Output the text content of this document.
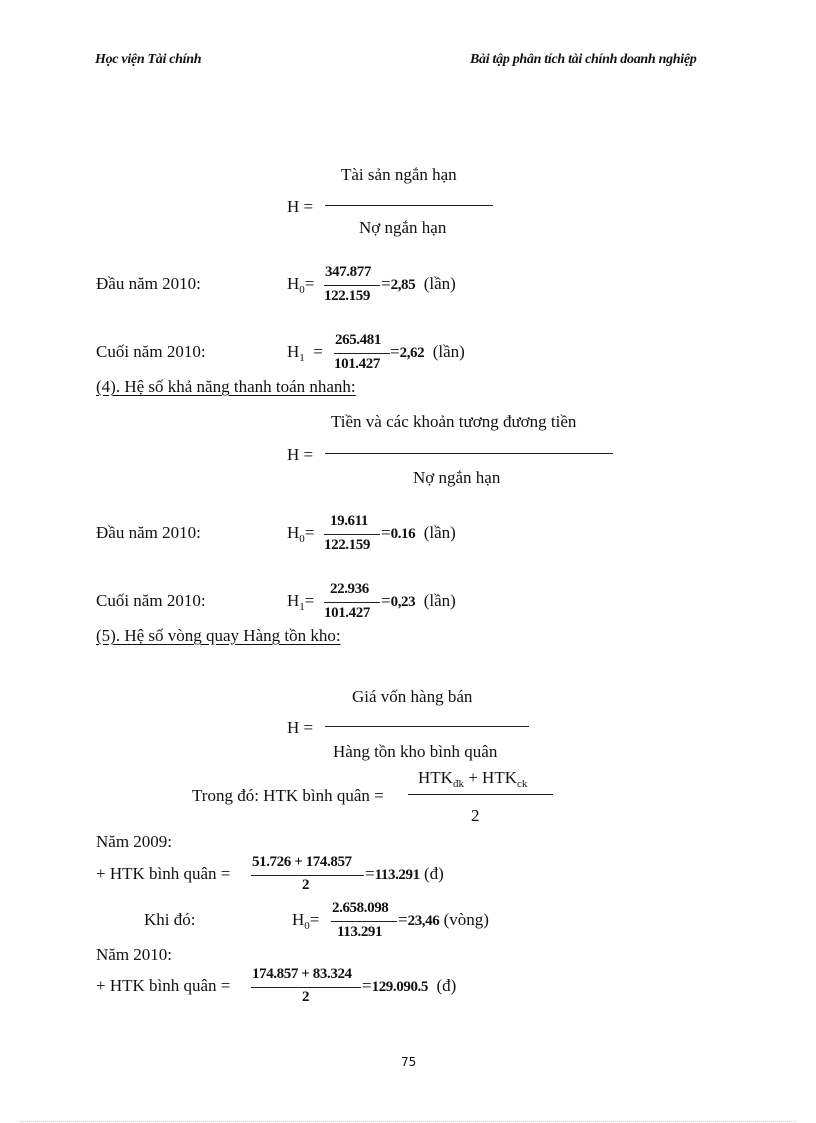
Học viện Tài chính	Bài tập phân tích tài chính doanh nghiệp
Tài sản ngắn hạn
H =
Nợ ngắn hạn
Đầu năm 2010:	$H_0=$
347.877
122.159
=2,85 (lần)
Cuối năm 2010:	$H_1$ =
265.481
101.427
=2,62 (lần)
(4). Hệ số khả năng thanh toán nhanh:
Tiền và các khoản tương đương tiền
H =
Nợ ngắn hạn
Đầu năm 2010:	$H_0=$
19.611
122.159
=0.16 (lần)
Cuối năm 2010:	$H_1=$
22.936
101.427
=0,23 (lần)
(5). Hệ số vòng quay Hàng tồn kho:
Giá vốn hàng bán
H =
Hàng tồn kho bình quân
Trong đó: HTK bình quân =
$HTK_{đk} + HTK_{ck}$
2
Năm 2009:
+ HTK bình quân =
51.726 + 174.857
2
=113.291 (đ)
Khi đó:	$H_0=$
2.658.098
113.291
=23,46 (vòng)
Năm 2010:
+ HTK bình quân =
174.857 + 83.324
2
=129.090.5 (đ)
75
